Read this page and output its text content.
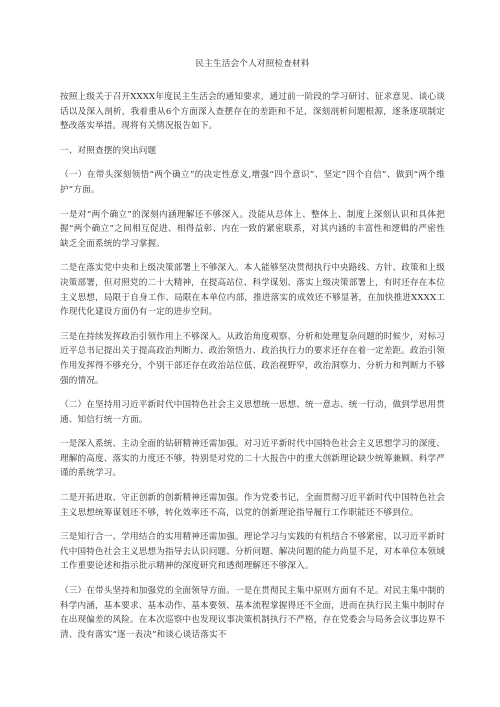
民主生活会个人对照检查材料

按照上级关于召开XXXX年度民主生活会的通知要求，通过前一阶段的学习研讨、征求意见、谈心谈话以及深入剖析，我着重从6个方面深入查摆存在的差距和不足，深刻剖析问题根源，逐条逐项制定整改落实举措。现将有关情况报告如下。

一、对照查摆的突出问题

（一）在带头深刻领悟“两个确立”的决定性意义,增强“四个意识”、坚定“四个自信”、做到“两个维护”方面。

一是对“两个确立”的深刻内涵理解还不够深入。没能从总体上、整体上、制度上深刻认识和具体把握“两个确立”之间相互促进、相得益彰、内在一致的紧密联系，对其内涵的丰富性和逻辑的严密性缺乏全面系统的学习掌握。

二是在落实党中央和上级决策部署上不够深入。本人能够坚决贯彻执行中央路线、方针、政策和上级决策部署，但对照党的二十大精神，在提高站位、科学谋划、落实上级决策部署上，有时还存在本位主义思想，局限于自身工作、局限在本单位内部，推进落实的成效还不够显著，在加快推进XXXX工作现代化建设方面仍有一定的进步空间。

三是在持续发挥政治引领作用上不够深入。从政治角度观察、分析和处理复杂问题的时候少，对标习近平总书记提出关于提高政治判断力、政治领悟力、政治执行力的要求还存在着一定差距。政治引领作用发挥得不够充分，个别干部还存在政治站位低、政治视野窄，政治洞察力、分析力和判断力不够强的情况。

（二）在坚持用习近平新时代中国特色社会主义思想统一思想、统一意志、统一行动，做到学思用贯通、知信行统一方面。

一是深入系统、主动全面的钻研精神还需加强。对习近平新时代中国特色社会主义思想学习的深度、理解的高度、落实的力度还不够，特别是对党的二十大报告中的重大创新理论缺少统筹兼顾、科学严谨的系统学习。

二是开拓进取、守正创新的创新精神还需加强。作为党委书记，全面贯彻习近平新时代中国特色社会主义思想统筹谋划还不够，转化效率还不高，以党的创新理论指导履行工作职能还不够到位。

三是知行合一、学用结合的实用精神还需加强。理论学习与实践的有机结合不够紧密，以习近平新时代中国特色社会主义思想为指导去认识问题、分析问题、解决问题的能力尚显不足，对本单位本领域工作重要论述和指示批示精神的深度研究和透彻理解还不够深入。

（三）在带头坚持和加强党的全面领导方面。一是在贯彻民主集中原则方面有不足。对民主集中制的科学内涵，基本要求、基本动作、基本要领、基本流程掌握得还不全面，进而在执行民主集中制时存在出现偏差的风险。在本次巡察中也发现议事决策机制执行不严格，存在党委会与局务会议事边界不清、没有落实“逐一表决”和谈心谈话落实不
